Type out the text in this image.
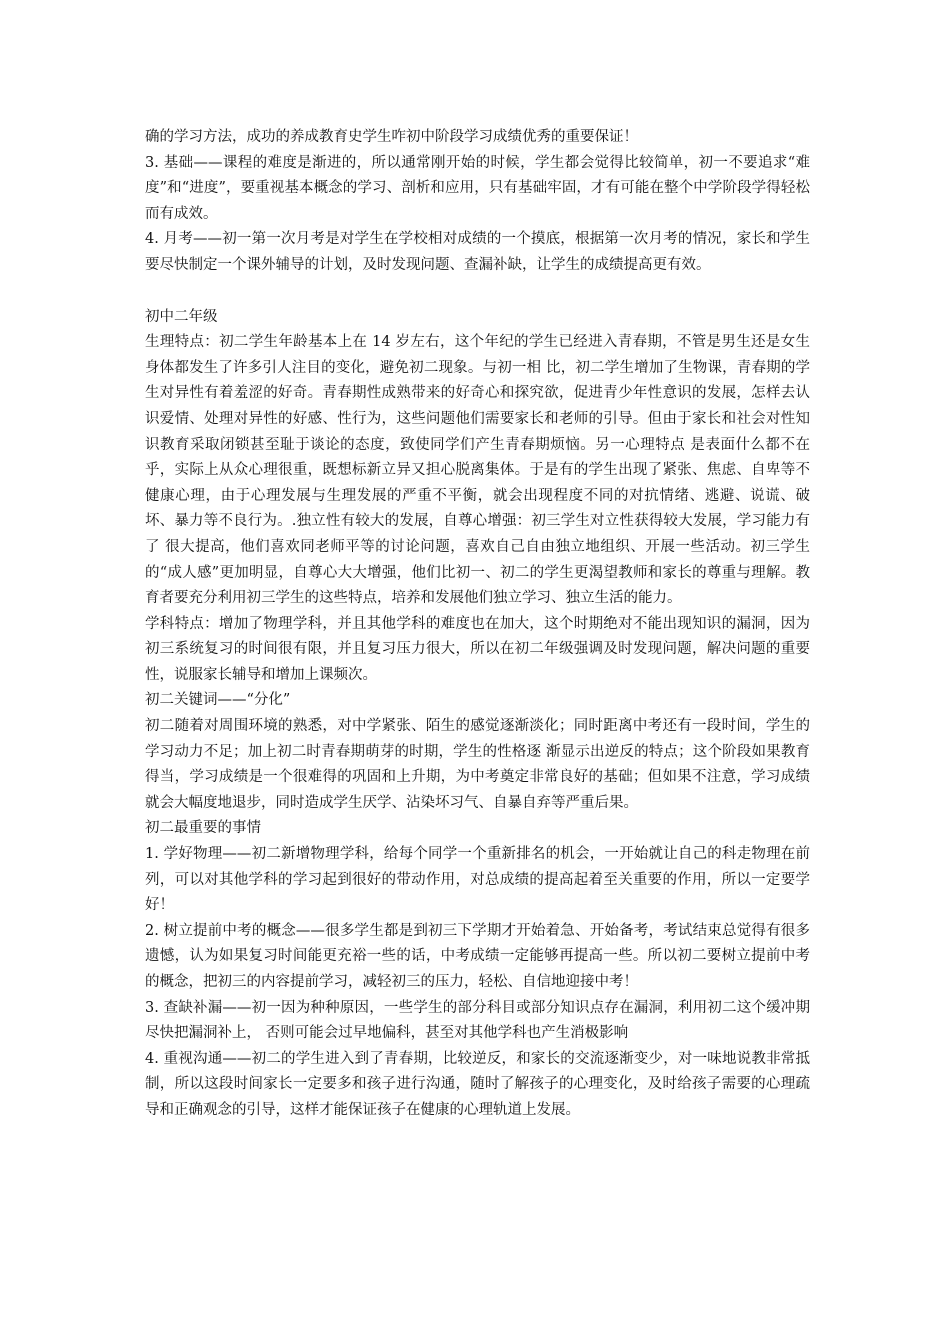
确的学习方法，成功的养成教育史学生咋初中阶段学习成绩优秀的重要保证！

3. 基础——课程的难度是渐进的，所以通常刚开始的时候，学生都会觉得比较简单，初一不要追求“难度”和“进度”，要重视基本概念的学习、剖析和应用，只有基础牢固，才有可能在整个中学阶段学得轻松而有成效。

4. 月考——初一第一次月考是对学生在学校相对成绩的一个摸底，根据第一次月考的情况，家长和学生要尽快制定一个课外辅导的计划，及时发现问题、查漏补缺，让学生的成绩提高更有效。

初中二年级

生理特点：初二学生年龄基本上在 14 岁左右，这个年纪的学生已经进入青春期，不管是男生还是女生身体都发生了许多引人注目的变化，避免初二现象。与初一相 比，初二学生增加了生物课，青春期的学生对异性有着羞涩的好奇。青春期性成熟带来的好奇心和探究欲，促进青少年性意识的发展，怎样去认识爱情、处理对异性的好感、性行为，这些问题他们需要家长和老师的引导。但由于家长和社会对性知识教育采取闭锁甚至耻于谈论的态度，致使同学们产生青春期烦恼。另一心理特点 是表面什么都不在乎，实际上从众心理很重，既想标新立异又担心脱离集体。于是有的学生出现了紧张、焦虑、自卑等不健康心理，由于心理发展与生理发展的严重不平衡，就会出现程度不同的对抗情绪、逃避、说谎、破坏、暴力等不良行为。.独立性有较大的发展，自尊心增强：初三学生对立性获得较大发展，学习能力有了 很大提高，他们喜欢同老师平等的讨论问题，喜欢自己自由独立地组织、开展一些活动。初三学生的“成人感”更加明显，自尊心大大增强，他们比初一、初二的学生更渴望教师和家长的尊重与理解。教育者要充分利用初三学生的这些特点，培养和发展他们独立学习、独立生活的能力。

学科特点：增加了物理学科，并且其他学科的难度也在加大，这个时期绝对不能出现知识的漏洞，因为初三系统复习的时间很有限，并且复习压力很大，所以在初二年级强调及时发现问题，解决问题的重要性，说服家长辅导和增加上课频次。

初二关键词——“分化”

初二随着对周围环境的熟悉，对中学紧张、陌生的感觉逐渐淡化；同时距离中考还有一段时间，学生的学习动力不足；加上初二时青春期萌芽的时期，学生的性格逐 渐显示出逆反的特点；这个阶段如果教育得当，学习成绩是一个很难得的巩固和上升期，为中考奠定非常良好的基础；但如果不注意，学习成绩就会大幅度地退步，同时造成学生厌学、沾染坏习气、自暴自弃等严重后果。

初二最重要的事情

1. 学好物理——初二新增物理学科，给每个同学一个重新排名的机会，一开始就让自己的科走物理在前列，可以对其他学科的学习起到很好的带动作用，对总成绩的提高起着至关重要的作用，所以一定要学好！

2. 树立提前中考的概念——很多学生都是到初三下学期才开始着急、开始备考，考试结束总觉得有很多遗憾，认为如果复习时间能更充裕一些的话，中考成绩一定能够再提高一些。所以初二要树立提前中考的概念，把初三的内容提前学习，减轻初三的压力，轻松、自信地迎接中考！

3. 查缺补漏——初一因为种种原因，一些学生的部分科目或部分知识点存在漏洞，利用初二这个缓冲期尽快把漏洞补上， 否则可能会过早地偏科，甚至对其他学科也产生消极影响

4. 重视沟通——初二的学生进入到了青春期，比较逆反，和家长的交流逐渐变少，对一味地说教非常抵制，所以这段时间家长一定要多和孩子进行沟通，随时了解孩子的心理变化，及时给孩子需要的心理疏导和正确观念的引导，这样才能保证孩子在健康的心理轨道上发展。
